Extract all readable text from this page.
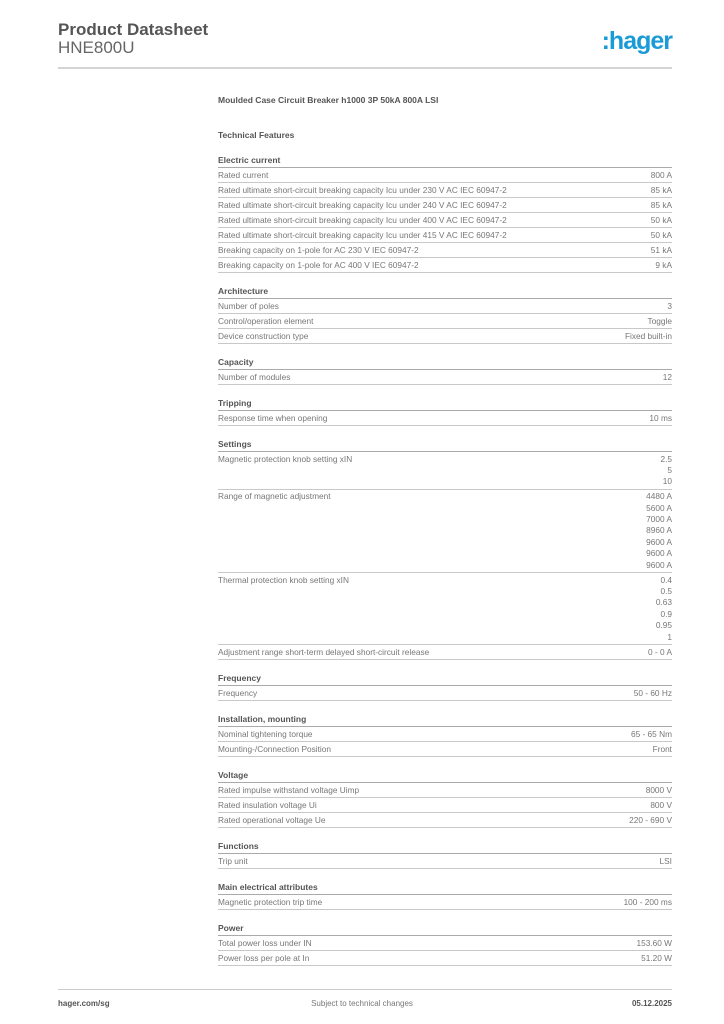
Product Datasheet
HNE800U	:hager
Moulded Case Circuit Breaker h1000 3P 50kA 800A LSI
Technical Features
Electric current
Rated current	800 A
Rated ultimate short-circuit breaking capacity Icu under 230 V AC IEC 60947-2	85 kA
Rated ultimate short-circuit breaking capacity Icu under 240 V AC IEC 60947-2	85 kA
Rated ultimate short-circuit breaking capacity Icu under 400 V AC IEC 60947-2	50 kA
Rated ultimate short-circuit breaking capacity Icu under 415 V AC IEC 60947-2	50 kA
Breaking capacity on 1-pole for AC 230 V IEC 60947-2	51 kA
Breaking capacity on 1-pole for AC 400 V IEC 60947-2	9 kA
Architecture
Number of poles	3
Control/operation element	Toggle
Device construction type	Fixed built-in
Capacity
Number of modules	12
Tripping
Response time when opening	10 ms
Settings
Magnetic protection knob setting xIN	2.5
5
10
Range of magnetic adjustment	4480 A
5600 A
7000 A
8960 A
9600 A
9600 A
9600 A
Thermal protection knob setting xIN	0.4
0.5
0.63
0.9
0.95
1
Adjustment range short-term delayed short-circuit release	0 - 0 A
Frequency
Frequency	50 - 60 Hz
Installation, mounting
Nominal tightening torque	65 - 65 Nm
Mounting-/Connection Position	Front
Voltage
Rated impulse withstand voltage Uimp	8000 V
Rated insulation voltage Ui	800 V
Rated operational voltage Ue	220 - 690 V
Functions
Trip unit	LSI
Main electrical attributes
Magnetic protection trip time	100 - 200 ms
Power
Total power loss under IN	153.60 W
Power loss per pole at In	51.20 W
hager.com/sg	Subject to technical changes	05.12.2025
